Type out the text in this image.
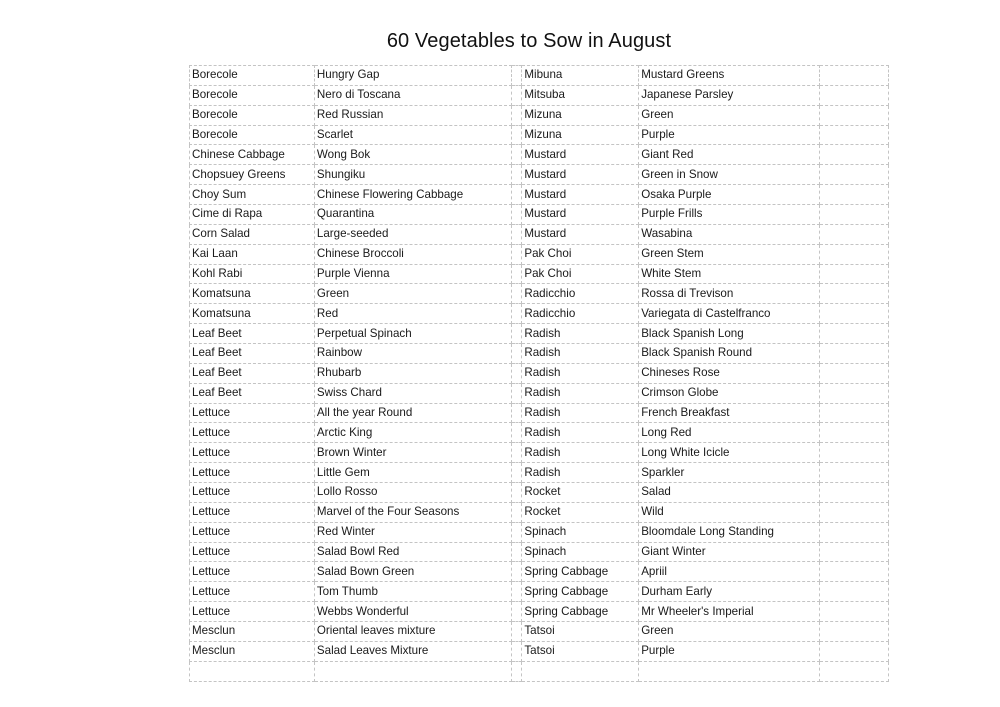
60 Vegetables to Sow in August
Borecole	Hungry Gap		Mibuna	Mustard Greens	
Borecole	Nero di Toscana		Mitsuba	Japanese Parsley	
Borecole	Red Russian		Mizuna	Green	
Borecole	Scarlet		Mizuna	Purple	
Chinese Cabbage	Wong Bok		Mustard	Giant Red	
Chopsuey Greens	Shungiku		Mustard	Green in Snow	
Choy Sum	Chinese Flowering Cabbage		Mustard	Osaka Purple	
Cime di Rapa	Quarantina		Mustard	Purple Frills	
Corn Salad	Large-seeded		Mustard	Wasabina	
Kai Laan	Chinese Broccoli		Pak Choi	Green Stem	
Kohl Rabi	Purple Vienna		Pak Choi	White Stem	
Komatsuna	Green		Radicchio	Rossa di Trevison	
Komatsuna	Red		Radicchio	Variegata di Castelfranco	
Leaf Beet	Perpetual Spinach		Radish	Black Spanish Long	
Leaf Beet	Rainbow		Radish	Black Spanish Round	
Leaf Beet	Rhubarb		Radish	Chineses Rose	
Leaf Beet	Swiss Chard		Radish	Crimson Globe	
Lettuce	All the year Round		Radish	French Breakfast	
Lettuce	Arctic King		Radish	Long Red	
Lettuce	Brown Winter		Radish	Long White Icicle	
Lettuce	Little Gem		Radish	Sparkler	
Lettuce	Lollo Rosso		Rocket	Salad	
Lettuce	Marvel of the Four Seasons		Rocket	Wild	
Lettuce	Red Winter		Spinach	Bloomdale Long Standing	
Lettuce	Salad Bowl Red		Spinach	Giant Winter	
Lettuce	Salad Bown Green		Spring Cabbage	Apriil	
Lettuce	Tom Thumb		Spring Cabbage	Durham Early	
Lettuce	Webbs Wonderful		Spring Cabbage	Mr Wheeler's Imperial	
Mesclun	Oriental leaves mixture		Tatsoi	Green	
Mesclun	Salad Leaves Mixture		Tatsoi	Purple	
